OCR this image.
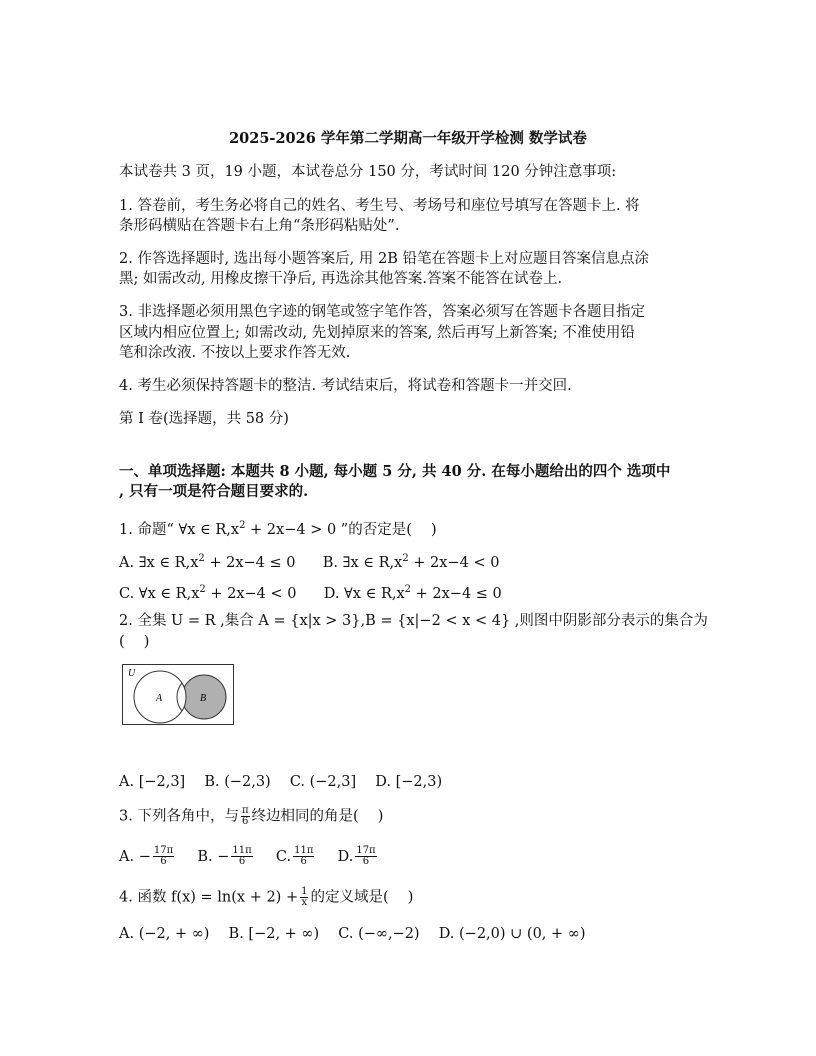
2025-2026 学年第二学期高一年级开学检测 数学试卷
本试卷共 3 页，19 小题，本试卷总分 150 分，考试时间 120 分钟注意事项:
1. 答卷前，考生务必将自己的姓名、考生号、考场号和座位号填写在答题卡上. 将
条形码横贴在答题卡右上角“条形码粘贴处”.
2. 作答选择题时, 选出每小题答案后, 用 2B 铅笔在答题卡上对应题目答案信息点涂
黑; 如需改动, 用橡皮擦干净后, 再选涂其他答案.答案不能答在试卷上.
3. 非选择题必须用黑色字迹的钢笔或签字笔作答，答案必须写在答题卡各题目指定
区域内相应位置上; 如需改动, 先划掉原来的答案, 然后再写上新答案; 不准使用铅
笔和涂改液. 不按以上要求作答无效.
4. 考生必须保持答题卡的整洁. 考试结束后，将试卷和答题卡一并交回.
第 I 卷(选择题，共 58 分)
一、单项选择题: 本题共 8 小题, 每小题 5 分, 共 40 分. 在每小题给出的四个 选项中
, 只有一项是符合题目要求的.
1. 命题“ ∀x ∈ $R,x^2 + 2x-4 > 0$ ”的否定是(　 )
A. ∃x ∈ $R,x^2 + 2x-4 \le 0$ B. ∃x ∈ $R,x^2 + 2x-4 < 0$
C. ∀x ∈ $R,x^2 + 2x-4 < 0$ D. ∀x ∈ $R,x^2 + 2x-4 \le 0$
2. 全集 U = R ,集合 A = {x|x > 3},B = {x|−2 < x < 4} ,则图中阴影部分表示的集合为
(　 )
U
A	B
A. [−2,3]　 B. (−2,3)　 C. (−2,3]　 D. [−2,3)
3. 下列各角中，与 $\frac{\pi}{6}$ 终边相同的角是(　 )
A. − $\frac{17\pi}{6} B$. − $\frac{11\pi}{6} C$. $\frac{11\pi}{6} D$. $\frac{17\pi}{6}$
4. 函数 $f(x) = \ln(x + 2) + \frac{1}{x}$ 的定义域是(　 )
A. (−2, + ∞)　 B. [−2, + ∞)　 C. (−∞,−2)　 D. (−2,0) ∪ (0, + ∞)
